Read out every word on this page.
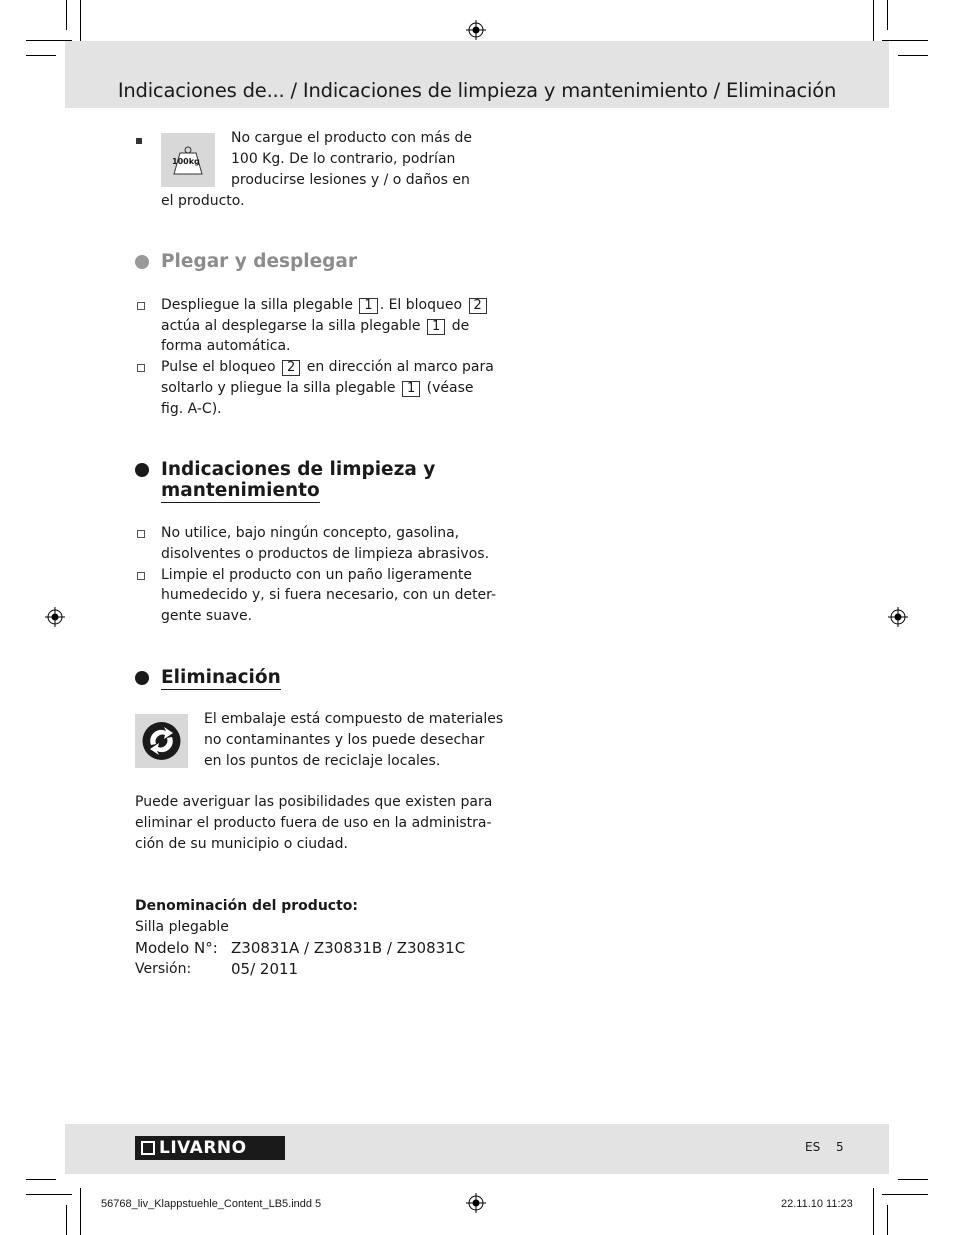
Indicaciones de... / Indicaciones de limpieza y mantenimiento / Eliminación
100kg
No cargue el producto con más de
100 Kg. De lo contrario, podrían
producirse lesiones y / o daños en
el producto.
Plegar y desplegar
Despliegue la silla plegable 1 . El bloqueo 2
actúa al desplegarse la silla plegable 1 de
forma automática.
Pulse el bloqueo 2 en dirección al marco para
soltarlo y pliegue la silla plegable 1 (véase
fig. A-C).
Indicaciones de limpieza y
mantenimiento
No utilice, bajo ningún concepto, gasolina,
disolventes o productos de limpieza abrasivos.
Limpie el producto con un paño ligeramente
humedecido y, si fuera necesario, con un deter-
gente suave.
Eliminación
El embalaje está compuesto de materiales
no contaminantes y los puede desechar
en los puntos de reciclaje locales.
Puede averiguar las posibilidades que existen para
eliminar el producto fuera de uso en la administra-
ción de su municipio o ciudad.
Denominación del producto:
Silla plegable
Modelo N°: Z30831A / Z30831B / Z30831C
Versión:	05/ 2011
LIVARNO	ES 5
56768_liv_Klappstuehle_Content_LB5.indd 5	22.11.10 11:23
